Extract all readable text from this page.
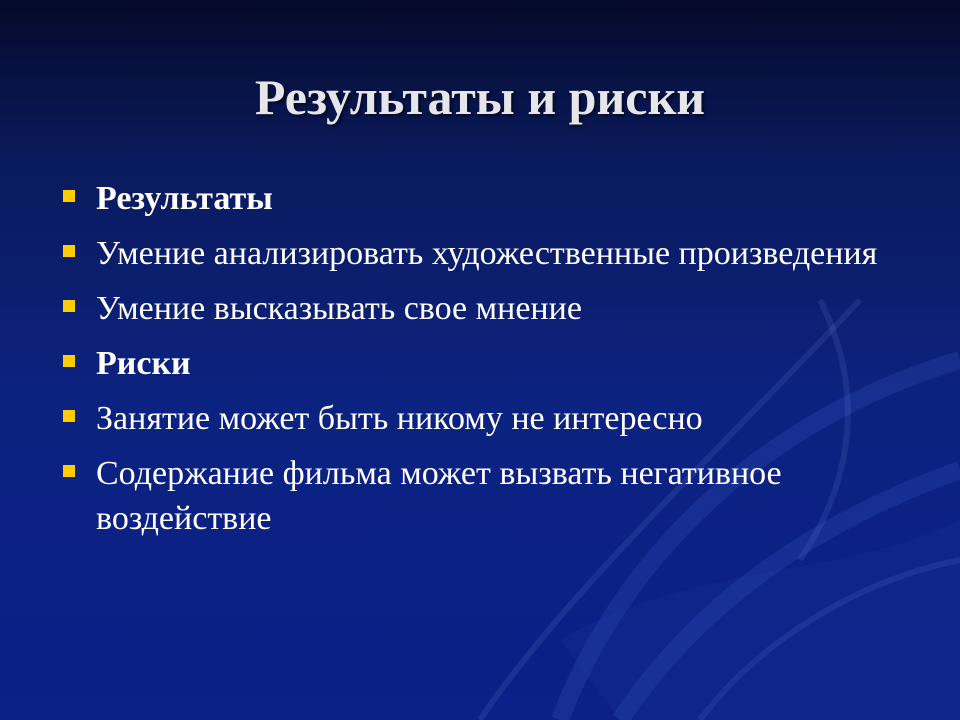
Результаты и риски
Результаты
Умение анализировать художественные произведения
Умение высказывать свое мнение
Риски
Занятие может быть никому не интересно
Содержание фильма может вызвать негативное воздействие
